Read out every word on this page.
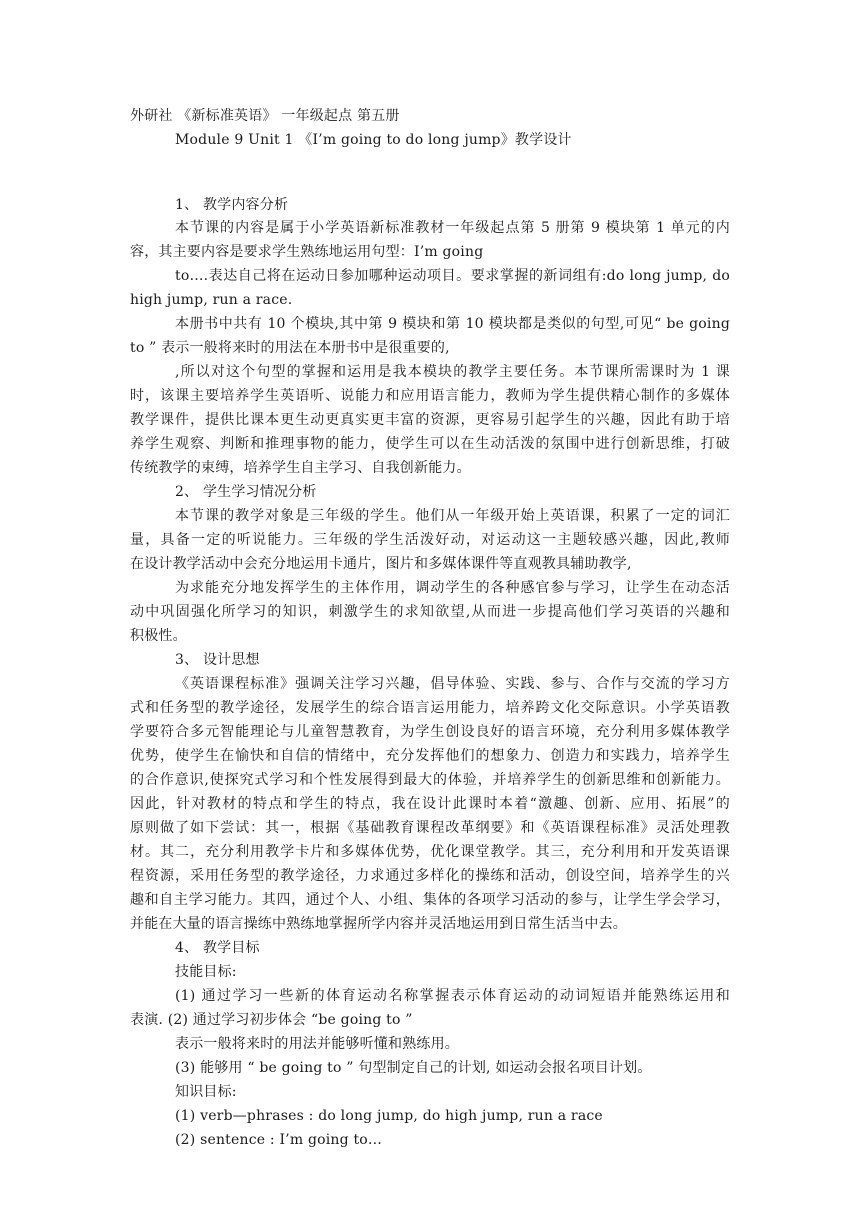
外研社 《新标准英语》 一年级起点 第五册
Module 9 Unit 1 《I’m going to do long jump》教学设计
1、 教学内容分析
本节课的内容是属于小学英语新标准教材一年级起点第 5 册第 9 模块第 1 单元的内
容，其主要内容是要求学生熟练地运用句型：I’m going
to….表达自己将在运动日参加哪种运动项目。要求掌握的新词组有:do long jump, do
high jump, run a race.
本册书中共有 10 个模块,其中第 9 模块和第 10 模块都是类似的句型,可见“ be going
to ” 表示一般将来时的用法在本册书中是很重要的,
,所以对这个句型的掌握和运用是我本模块的教学主要任务。本节课所需课时为 1 课
时，该课主要培养学生英语听、说能力和应用语言能力，教师为学生提供精心制作的多媒体
教学课件，提供比课本更生动更真实更丰富的资源，更容易引起学生的兴趣，因此有助于培
养学生观察、判断和推理事物的能力，使学生可以在生动活泼的氛围中进行创新思维，打破
传统教学的束缚，培养学生自主学习、自我创新能力。
2、 学生学习情况分析
本节课的教学对象是三年级的学生。他们从一年级开始上英语课，积累了一定的词汇
量，具备一定的听说能力。三年级的学生活泼好动，对运动这一主题较感兴趣，因此,教师
在设计教学活动中会充分地运用卡通片，图片和多媒体课件等直观教具辅助教学,
为求能充分地发挥学生的主体作用，调动学生的各种感官参与学习，让学生在动态活
动中巩固强化所学习的知识，刺激学生的求知欲望,从而进一步提高他们学习英语的兴趣和
积极性。
3、 设计思想
《英语课程标准》强调关注学习兴趣，倡导体验、实践、参与、合作与交流的学习方
式和任务型的教学途径，发展学生的综合语言运用能力，培养跨文化交际意识。小学英语教
学要符合多元智能理论与儿童智慧教育，为学生创设良好的语言环境，充分利用多媒体教学
优势，使学生在愉快和自信的情绪中，充分发挥他们的想象力、创造力和实践力，培养学生
的合作意识,使探究式学习和个性发展得到最大的体验，并培养学生的创新思维和创新能力。
因此，针对教材的特点和学生的特点，我在设计此课时本着“激趣、创新、应用、拓展”的
原则做了如下尝试：其一，根据《基础教育课程改革纲要》和《英语课程标准》灵活处理教
材。其二，充分利用教学卡片和多媒体优势，优化课堂教学。其三，充分利用和开发英语课
程资源，采用任务型的教学途径，力求通过多样化的操练和活动，创设空间，培养学生的兴
趣和自主学习能力。其四，通过个人、小组、集体的各项学习活动的参与，让学生学会学习，
并能在大量的语言操练中熟练地掌握所学内容并灵活地运用到日常生活当中去。
4、 教学目标
技能目标:
(1) 通过学习一些新的体育运动名称掌握表示体育运动的动词短语并能熟练运用和
表演. (2) 通过学习初步体会 “be going to ”
表示一般将来时的用法并能够听懂和熟练用。
(3) 能够用 “ be going to ” 句型制定自己的计划, 如运动会报名项目计划。
知识目标:
(1) verb—phrases : do long jump, do high jump, run a race
(2) sentence : I’m going to…
